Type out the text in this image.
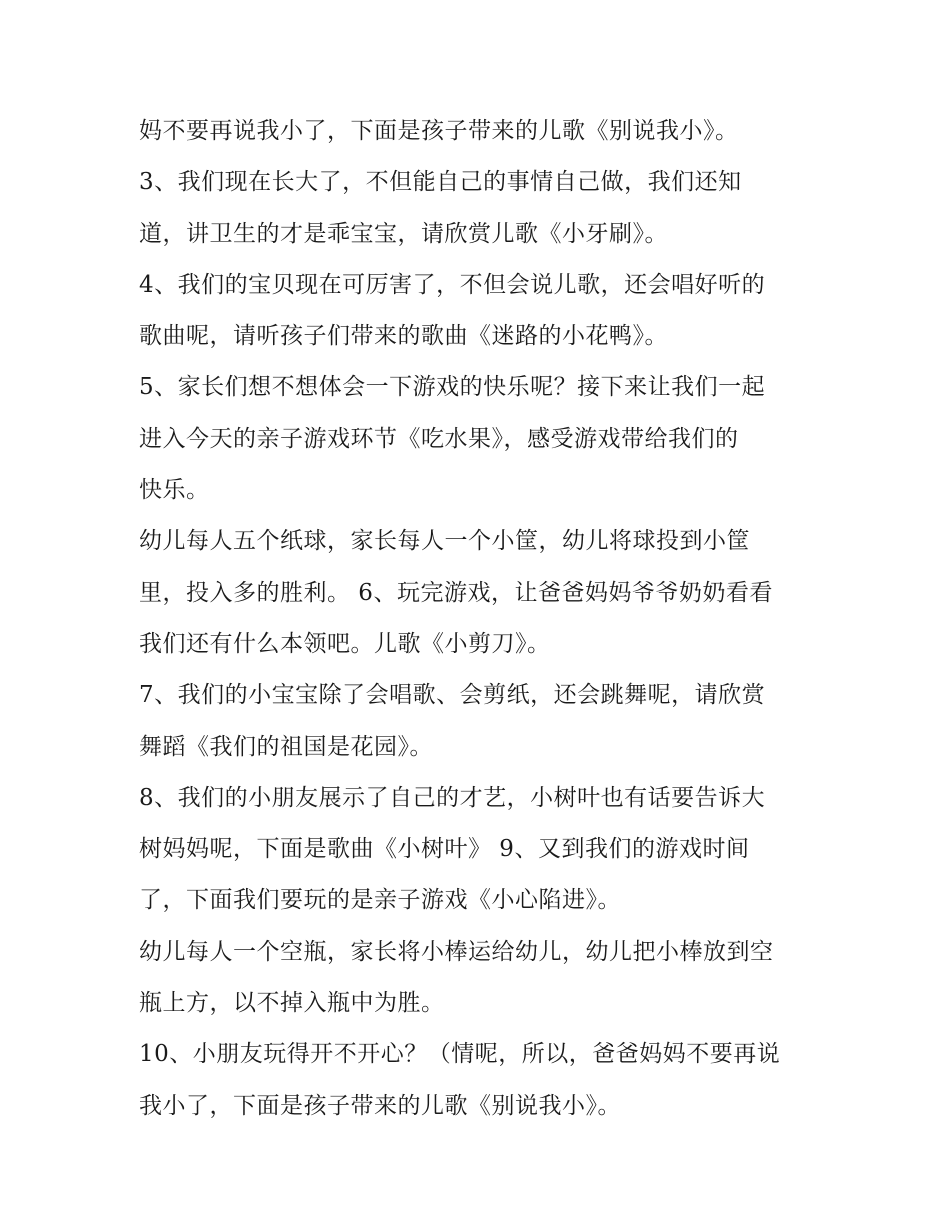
妈不要再说我小了，下面是孩子带来的儿歌《别说我小》。
3、我们现在长大了，不但能自己的事情自己做，我们还知
道，讲卫生的才是乖宝宝，请欣赏儿歌《小牙刷》。
4、我们的宝贝现在可厉害了，不但会说儿歌，还会唱好听的
歌曲呢，请听孩子们带来的歌曲《迷路的小花鸭》。
5、家长们想不想体会一下游戏的快乐呢？接下来让我们一起
进入今天的亲子游戏环节《吃水果》，感受游戏带给我们的
快乐。
幼儿每人五个纸球，家长每人一个小筐，幼儿将球投到小筐
里，投入多的胜利。 6、玩完游戏，让爸爸妈妈爷爷奶奶看看
我们还有什么本领吧。儿歌《小剪刀》。
7、我们的小宝宝除了会唱歌、会剪纸，还会跳舞呢，请欣赏
舞蹈《我们的祖国是花园》。
8、我们的小朋友展示了自己的才艺，小树叶也有话要告诉大
树妈妈呢，下面是歌曲《小树叶》 9、又到我们的游戏时间
了，下面我们要玩的是亲子游戏《小心陷进》。
幼儿每人一个空瓶，家长将小棒运给幼儿，幼儿把小棒放到空
瓶上方，以不掉入瓶中为胜。
10、小朋友玩得开不开心？（情呢，所以，爸爸妈妈不要再说
我小了，下面是孩子带来的儿歌《别说我小》。
